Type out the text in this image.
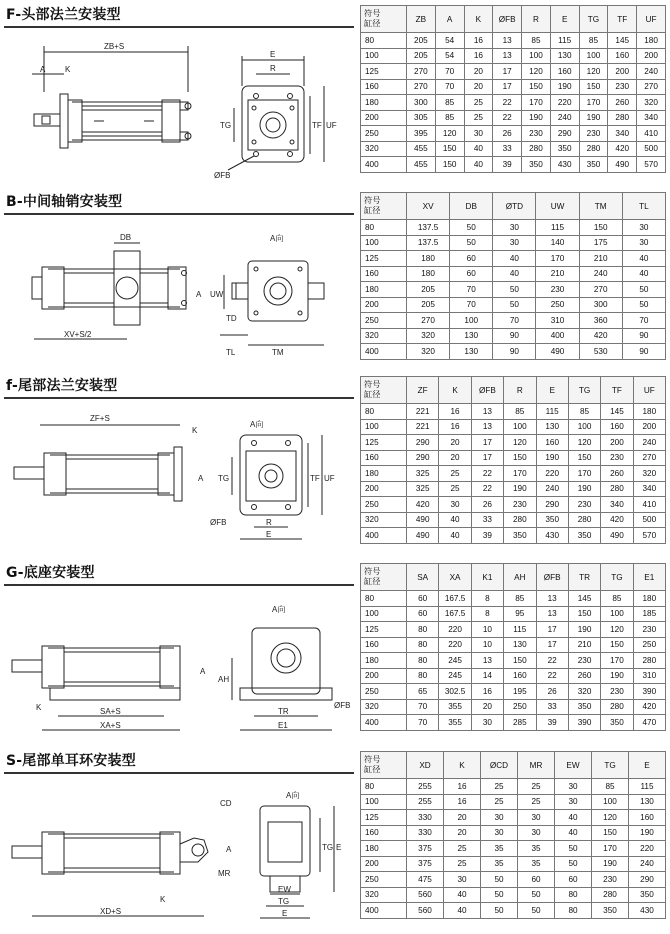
F-头部法兰安装型
ZB+S
A K
E
R
TG	TF UF
ØFB
符号
缸径	ZB	A	K	ØFB	R	E	TG	TF	UF
80	205	54	16	13	85	115	85	145	180
100	205	54	16	13	100	130	100	160	200
125	270	70	20	17	120	160	120	200	240
160	270	70	20	17	150	190	150	230	270
180	300	85	25	22	170	220	170	260	320
200	305	85	25	22	190	240	190	280	340
250	395	120	30	26	230	290	230	340	410
320	455	150	40	33	280	350	280	420	500
400	455	150	40	39	350	430	350	490	570
B-中间轴销安装型
DB
A
XV+S/2
A向
UW
TD
TL	TM
符号
缸径	XV	DB	ØTD	UW	TM	TL
80	137.5	50	30	115	150	30
100	137.5	50	30	140	175	30
125	180	60	40	170	210	40
160	180	60	40	210	240	40
180	205	70	50	230	270	50
200	205	70	50	250	300	50
250	270	100	70	310	360	70
320	320	130	90	400	420	90
400	320	130	90	490	530	90
f-尾部法兰安装型
ZF+S
K
A
A向
TG	TF UF
ØFB	R
E
符号
缸径	ZF	K	ØFB	R	E	TG	TF	UF
80	221	16	13	85	115	85	145	180
100	221	16	13	100	130	100	160	200
125	290	20	17	120	160	120	200	240
160	290	20	17	150	190	150	230	270
180	325	25	22	170	220	170	260	320
200	325	25	22	190	240	190	280	340
250	420	30	26	230	290	230	340	410
320	490	40	33	280	350	280	420	500
400	490	40	39	350	430	350	490	570
G-底座安装型
A
K	SA+S
XA+S
A向
AH
ØFB
TR
E1
符号
缸径	SA	XA	K1	AH	ØFB	TR	TG	E1
80	60	167.5	8	85	13	145	85	180
100	60	167.5	8	95	13	150	100	185
125	80	220	10	115	17	190	120	230
160	80	220	10	130	17	210	150	250
180	80	245	13	150	22	230	170	280
200	80	245	14	160	22	260	190	310
250	65	302.5	16	195	26	320	230	390
320	70	355	20	250	33	350	280	420
400	70	355	30	285	39	390	350	470
S-尾部单耳环安装型
CD
A
MR
K
XD+S
A向
TG E
EW
TG
E
符号
缸径	XD	K	ØCD	MR	EW	TG	E
80	255	16	25	25	30	85	115
100	255	16	25	25	30	100	130
125	330	20	30	30	40	120	160
160	330	20	30	30	40	150	190
180	375	25	35	35	50	170	220
200	375	25	35	35	50	190	240
250	475	30	50	60	60	230	290
320	560	40	50	50	80	280	350
400	560	40	50	50	80	350	430
